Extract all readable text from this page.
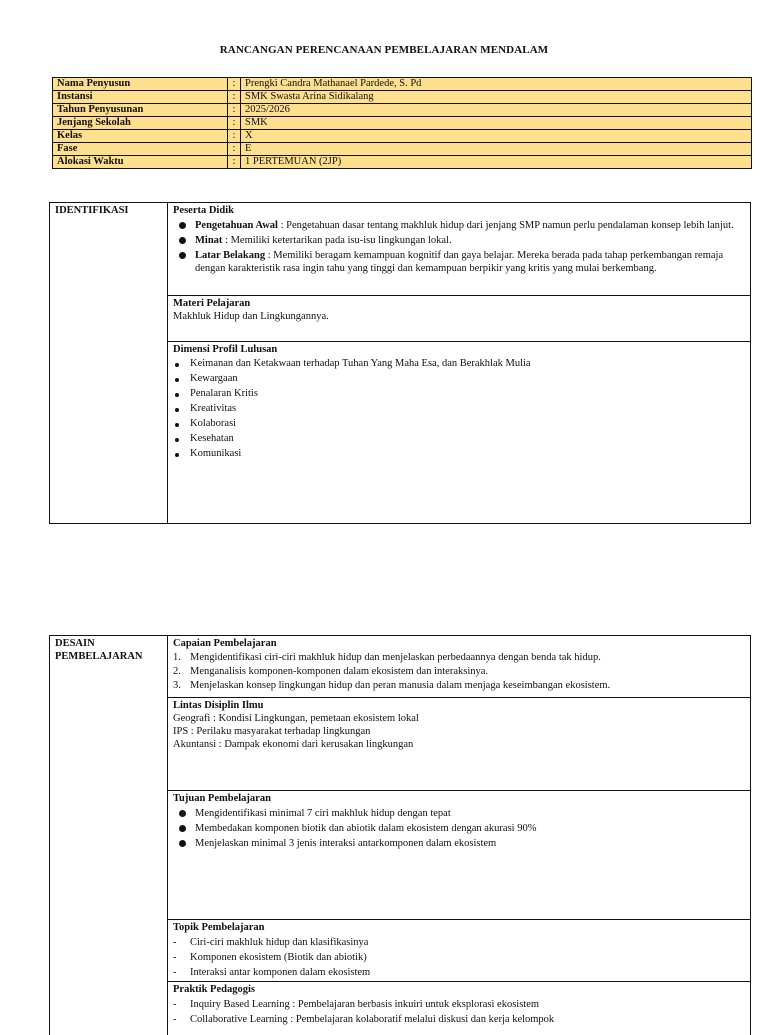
RANCANGAN PERENCANAAN PEMBELAJARAN MENDALAM
Nama Penyusun	:	Prengki Candra Mathanael Pardede, S. Pd
Instansi	:	SMK Swasta Arina Sidikalang
Tahun Penyusunan	:	2025/2026
Jenjang Sekolah	:	SMK
Kelas	:	X
Fase	:	E
Alokasi Waktu	:	1 PERTEMUAN (2JP)
IDENTIFIKASI	Peserta Didik
Pengetahuan Awal : Pengetahuan dasar tentang makhluk hidup dari jenjang SMP namun perlu pendalaman konsep lebih lanjut.
Minat : Memiliki ketertarikan pada isu-isu lingkungan lokal.
Latar Belakang : Memiliki beragam kemampuan kognitif dan gaya belajar. Mereka berada pada tahap perkembangan remaja dengan karakteristik rasa ingin tahu yang tinggi dan kemampuan berpikir yang kritis yang mulai berkembang.
Materi Pelajaran
Makhluk Hidup dan Lingkungannya.
Dimensi Profil Lulusan
Keimanan dan Ketakwaan terhadap Tuhan Yang Maha Esa, dan Berakhlak Mulia
Kewargaan
Penalaran Kritis
Kreativitas
Kolaborasi
Kesehatan
Komunikasi
DESAIN
PEMBELAJARAN
Capaian Pembelajaran
1. Mengidentifikasi ciri-ciri makhluk hidup dan menjelaskan perbedaannya dengan benda tak hidup.
2. Menganalisis komponen-komponen dalam ekosistem dan interaksinya.
3. Menjelaskan konsep lingkungan hidup dan peran manusia dalam menjaga keseimbangan ekosistem.
Lintas Disiplin Ilmu
Geografi : Kondisi Lingkungan, pemetaan ekosistem lokal
IPS : Perilaku masyarakat terhadap lingkungan
Akuntansi : Dampak ekonomi dari kerusakan lingkungan
Tujuan Pembelajaran
Mengidentifikasi minimal 7 ciri makhluk hidup dengan tepat
Membedakan komponen biotik dan abiotik dalam ekosistem dengan akurasi 90%
Menjelaskan minimal 3 jenis interaksi antarkomponen dalam ekosistem
Topik Pembelajaran
- Ciri-ciri makhluk hidup dan klasifikasinya
- Komponen ekosistem (Biotik dan abiotik)
- Interaksi antar komponen dalam ekosistem
Praktik Pedagogis
- Inquiry Based Learning : Pembelajaran berbasis inkuiri untuk eksplorasi ekosistem
- Collaborative Learning : Pembelajaran kolaboratif melalui diskusi dan kerja kelompok
